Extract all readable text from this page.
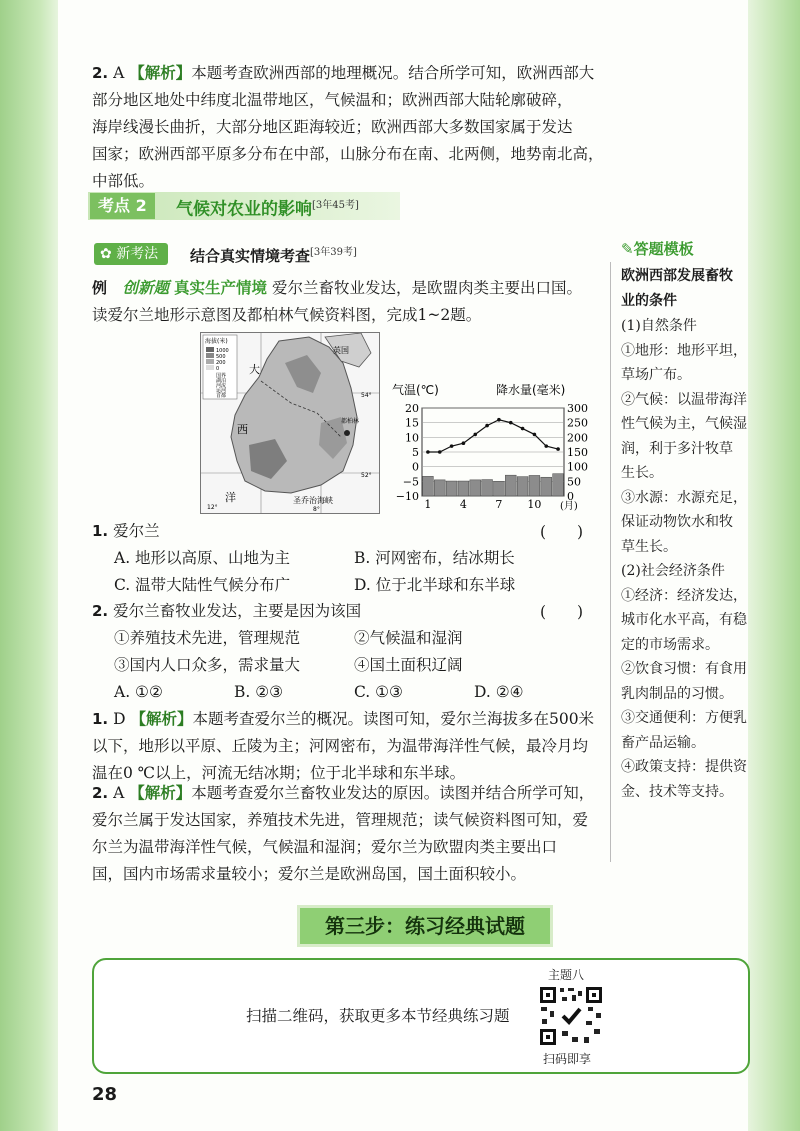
2. A 【解析】本题考查欧洲西部的地理概况。结合所学可知，欧洲西部大
部分地区地处中纬度北温带地区，气候温和；欧洲西部大陆轮廓破碎，
海岸线漫长曲折，大部分地区距海较近；欧洲西部大多数国家属于发达
国家；欧洲西部平原多分布在中部，山脉分布在南、北两侧，地势南北高，
中部低。
考点 2	气候对农业的影响[3年45考]
✿ 新考法	结合真实情境考查[3年39考]
例　 创新题 真实生产情境 爱尔兰畜牧业发达，是欧盟肉类主要出口国。
读爱尔兰地形示意图及都柏林气候资料图，完成1~2题。
海拔(米)
1000
500
200
0
国界
湖泊
河流
运河
首都
大
西
洋
英国
都柏林
圣乔治海峡
54°
52°
12°	8°
气温(℃)	降水量(毫米)
20
15
10
5
0
−5
−10
300
250
200
150
100
50
0
1	4	7 10 (月)
✎答题模板
欧洲西部发展畜牧
业的条件
(1)自然条件
①地形：地形平坦，
草场广布。
②气候：以温带海洋
性气候为主，气候湿
润，利于多汁牧草
生长。
③水源：水源充足，
保证动物饮水和牧
草生长。
(2)社会经济条件
①经济：经济发达，
城市化水平高，有稳
定的市场需求。
②饮食习惯：有食用
乳肉制品的习惯。
③交通便利：方便乳
畜产品运输。
④政策支持：提供资
金、技术等支持。
1. 爱尔兰
A. 地形以高原、山地为主	B. 河网密布，结冰期长
C. 温带大陆性气候分布广	D. 位于北半球和东半球
(　　)
2. 爱尔兰畜牧业发达，主要是因为该国
①养殖技术先进，管理规范	②气候温和湿润
③国内人口众多，需求量大	④国土面积辽阔
A. ①②	B. ②③	C. ①③	D. ②④
(　　)
1. D 【解析】本题考查爱尔兰的概况。读图可知，爱尔兰海拔多在500米
以下，地形以平原、丘陵为主；河网密布，为温带海洋性气候，最冷月均
温在0 ℃以上，河流无结冰期；位于北半球和东半球。
2. A 【解析】本题考查爱尔兰畜牧业发达的原因。读图并结合所学可知，
爱尔兰属于发达国家，养殖技术先进，管理规范；读气候资料图可知，爱
尔兰为温带海洋性气候，气候温和湿润；爱尔兰为欧盟肉类主要出口
国，国内市场需求量较小；爱尔兰是欧洲岛国，国土面积较小。
第三步：练习经典试题
扫描二维码，获取更多本节经典练习题
主题八
扫码即享
28
